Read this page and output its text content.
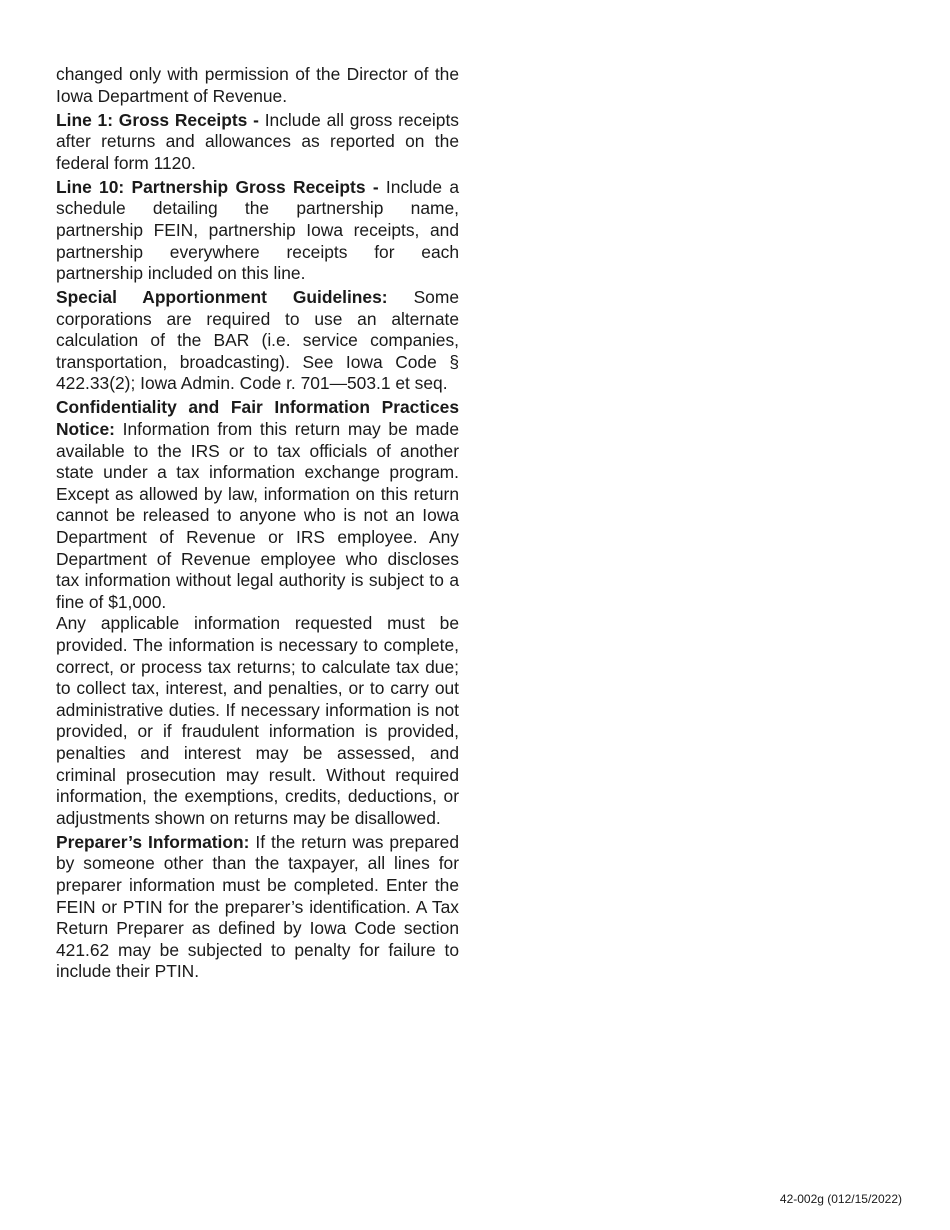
changed only with permission of the Director of the Iowa Department of Revenue.

Line 1: Gross Receipts - Include all gross receipts after returns and allowances as reported on the federal form 1120.

Line 10: Partnership Gross Receipts - Include a schedule detailing the partnership name, partnership FEIN, partnership Iowa receipts, and partnership everywhere receipts for each partnership included on this line.

Special Apportionment Guidelines: Some corporations are required to use an alternate calculation of the BAR (i.e. service companies, transportation, broadcasting). See Iowa Code § 422.33(2); Iowa Admin. Code r. 701—503.1 et seq.

Confidentiality and Fair Information Practices Notice: Information from this return may be made available to the IRS or to tax officials of another state under a tax information exchange program. Except as allowed by law, information on this return cannot be released to anyone who is not an Iowa Department of Revenue or IRS employee. Any Department of Revenue employee who discloses tax information without legal authority is subject to a fine of $1,000.

Any applicable information requested must be provided. The information is necessary to complete, correct, or process tax returns; to calculate tax due; to collect tax, interest, and penalties, or to carry out administrative duties. If necessary information is not provided, or if fraudulent information is provided, penalties and interest may be assessed, and criminal prosecution may result. Without required information, the exemptions, credits, deductions, or adjustments shown on returns may be disallowed.

Preparer’s Information: If the return was prepared by someone other than the taxpayer, all lines for preparer information must be completed. Enter the FEIN or PTIN for the preparer’s identification. A Tax Return Preparer as defined by Iowa Code section 421.62 may be subjected to penalty for failure to include their PTIN.

42-002g (012/15/2022)
